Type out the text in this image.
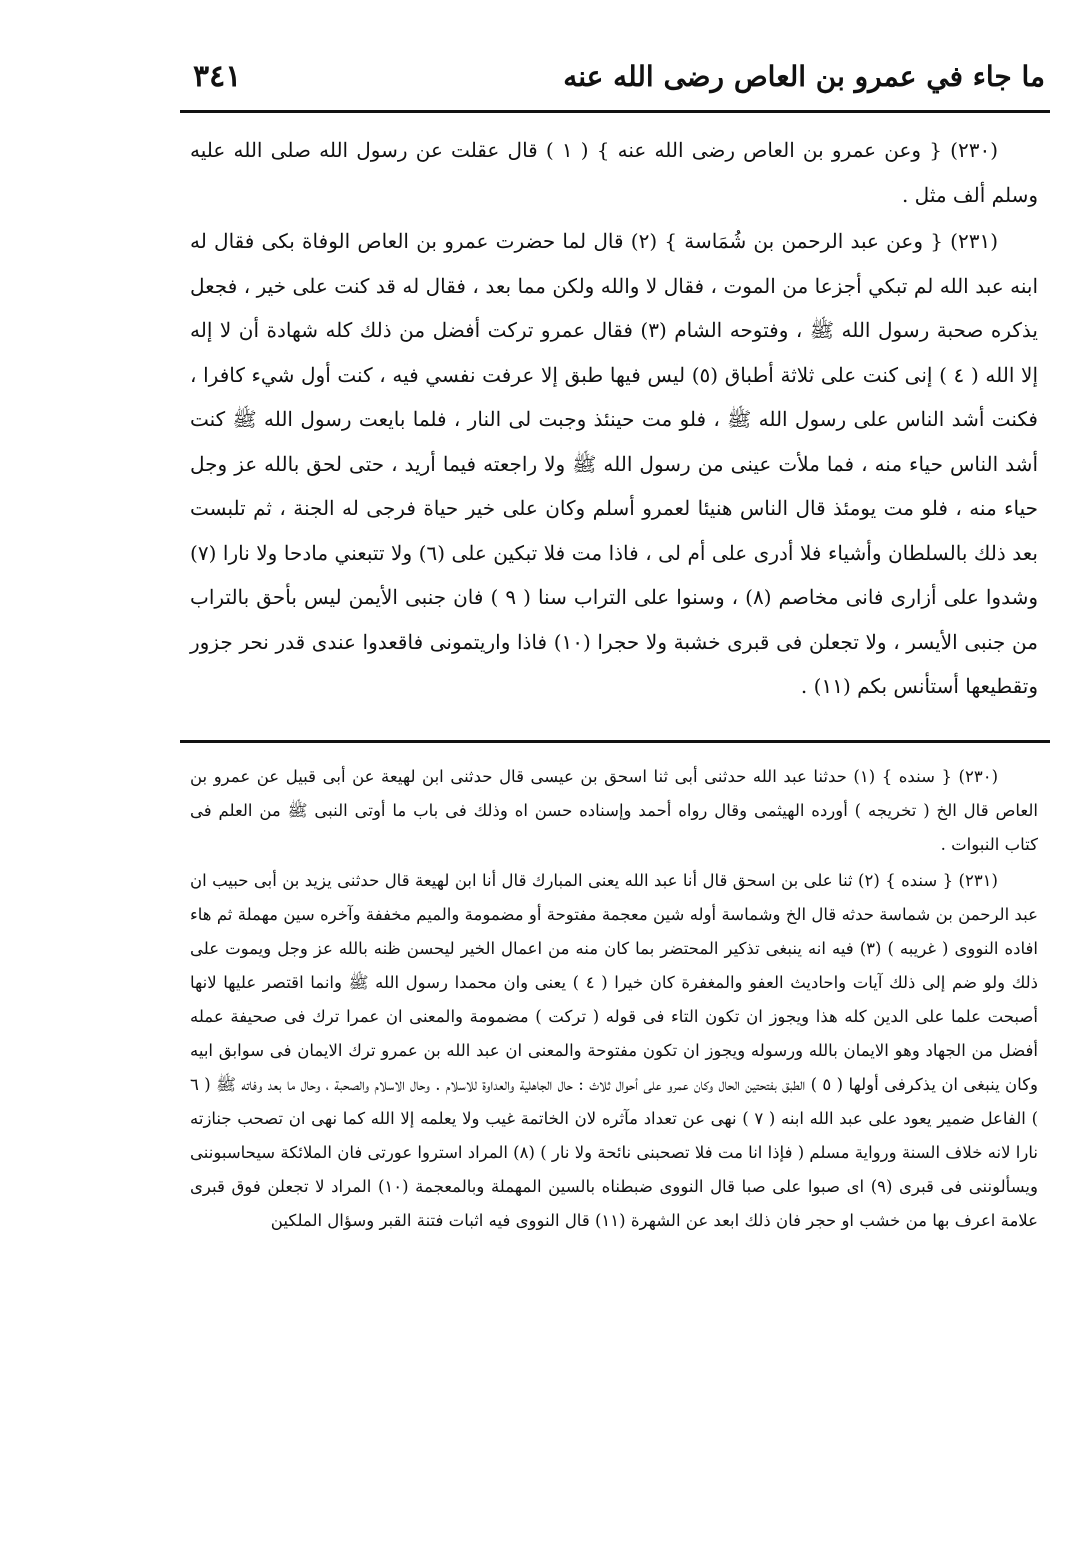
ما جاء في عمرو بن العاص رضى الله عنه
٣٤١

(٢٣٠) { وعن عمرو بن العاص رضى الله عنه } ( ١ ) قال عقلت عن رسول الله صلى الله عليه وسلم ألف مثل .

(٢٣١) { وعن عبد الرحمن بن شُمَاسة } (٢) قال لما حضرت عمرو بن العاص الوفاة بكى فقال له ابنه عبد الله لم تبكي أجزعا من الموت ، فقال لا والله ولكن مما بعد ، فقال له قد كنت على خير ، فجعل يذكره صحبة رسول الله ﷺ ، وفتوحه الشام (٣) فقال عمرو تركت أفضل من ذلك كله شهادة أن لا إله إلا الله ( ٤ ) إنى كنت على ثلاثة أطباق (٥) ليس فيها طبق إلا عرفت نفسي فيه ، كنت أول شيء كافرا ، فكنت أشد الناس على رسول الله ﷺ ، فلو مت حينئذ وجبت لى النار ، فلما بايعت رسول الله ﷺ كنت أشد الناس حياء منه ، فما ملأت عينى من رسول الله ﷺ ولا راجعته فيما أريد ، حتى لحق بالله عز وجل حياء منه ، فلو مت يومئذ قال الناس هنيئا لعمرو أسلم وكان على خير حياة فرجى له الجنة ، ثم تلبست بعد ذلك بالسلطان وأشياء فلا أدرى على أم لى ، فاذا مت فلا تبكين على (٦) ولا تتبعني مادحا ولا نارا (٧) وشدوا على أزارى فانى مخاصم (٨) ، وسنوا على التراب سنا ( ٩ ) فان جنبى الأيمن ليس بأحق بالتراب من جنبى الأيسر ، ولا تجعلن فى قبرى خشبة ولا حجرا (١٠) فاذا واريتمونى فاقعدوا عندى قدر نحر جزور وتقطيعها أستأنس بكم (١١) .

(٢٣٠) { سنده } (١) حدثنا عبد الله حدثنى أبى ثنا اسحق بن عيسى قال حدثنى ابن لهيعة عن أبى قبيل عن عمرو بن العاص قال الخ ( تخريجه ) أورده الهيثمى وقال رواه أحمد وإسناده حسن اه وذلك فى باب ما أوتى النبى ﷺ من العلم فى كتاب النبوات .

(٢٣١) { سنده } (٢) ثنا على بن اسحق قال أنا عبد الله يعنى المبارك قال أنا ابن لهيعة قال حدثنى يزيد بن أبى حبيب ان عبد الرحمن بن شماسة حدثه قال الخ وشماسة أوله شين معجمة مفتوحة أو مضمومة والميم مخففة وآخره سين مهملة ثم هاء افاده النووى ( غريبه ) (٣) فيه انه ينبغى تذكير المحتضر بما كان منه من اعمال الخير ليحسن ظنه بالله عز وجل ويموت على ذلك ولو ضم إلى ذلك آيات واحاديث العفو والمغفرة كان خيرا ( ٤ ) يعنى وان محمدا رسول الله ﷺ وانما اقتصر عليها لانها أصبحت علما على الدين كله هذا ويجوز ان تكون التاء فى قوله ( تركت ) مضمومة والمعنى ان عمرا ترك فى صحيفة عمله أفضل من الجهاد وهو الايمان بالله ورسوله ويجوز ان تكون مفتوحة والمعنى ان عبد الله بن عمرو ترك الايمان فى سوابق ابيه وكان ينبغى ان يذكرفى أولها ( ٥ ) الطبق بفتحتين الحال وكان عمرو على أحوال ثلاث : حال الجاهلية والعداوة للاسلام . وحال الاسلام والصحبة ، وحال ما بعد وفاته ﷺ ( ٦ ) الفاعل ضمير يعود على عبد الله ابنه ( ٧ ) نهى عن تعداد مآثره لان الخاتمة غيب ولا يعلمه إلا الله كما نهى ان تصحب جنازته نارا لانه خلاف السنة ورواية مسلم ( فإذا انا مت فلا تصحبنى نائحة ولا نار ) (٨) المراد استروا عورتى فان الملائكة سيحاسبوننى ويسألوننى فى قبرى (٩) اى صبوا على صبا قال النووى ضبطناه بالسين المهملة وبالمعجمة (١٠) المراد لا تجعلن فوق قبرى علامة اعرف بها من خشب او حجر فان ذلك ابعد عن الشهرة (١١) قال النووى فيه اثبات فتنة القبر وسؤال الملكين
